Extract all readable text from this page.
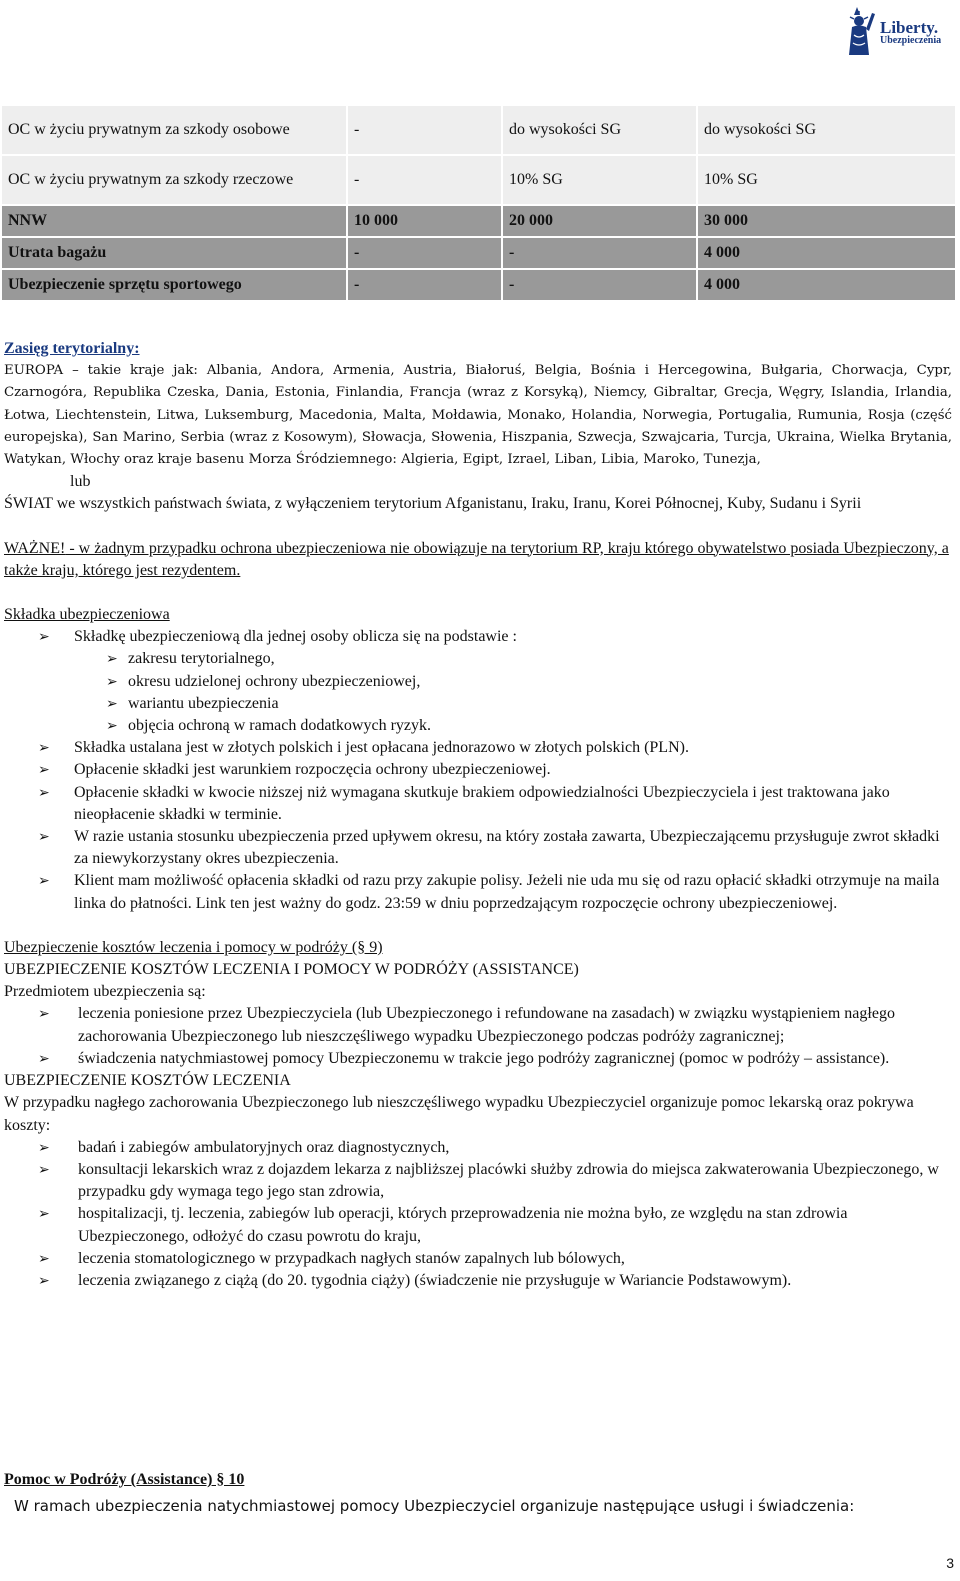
Liberty.
Ubezpieczenia
OC w życiu prywatnym za szkody osobowe	-	do wysokości SG	do wysokości SG
OC w życiu prywatnym za szkody rzeczowe	-	10% SG	10% SG
NNW	10 000	20 000	30 000
Utrata bagażu	-	-	4 000
Ubezpieczenie sprzętu sportowego	-	-	4 000
Zasięg terytorialny:

EUROPA – takie kraje jak: Albania, Andora, Armenia, Austria, Białoruś, Belgia, Bośnia i Hercegowina, Bułgaria, Chorwacja, Cypr, Czarnogóra, Republika Czeska, Dania, Estonia, Finlandia, Francja (wraz z Korsyką), Niemcy, Gibraltar, Grecja, Węgry, Islandia, Irlandia, Łotwa, Liechtenstein, Litwa, Luksemburg, Macedonia, Malta, Mołdawia, Monako, Holandia, Norwegia, Portugalia, Rumunia, Rosja (część europejska), San Marino, Serbia (wraz z Kosowym), Słowacja, Słowenia, Hiszpania, Szwecja, Szwajcaria, Turcja, Ukraina, Wielka Brytania, Watykan, Włochy oraz kraje basenu Morza Śródziemnego: Algieria, Egipt, Izrael, Liban, Libia, Maroko, Tunezja,

lub

ŚWIAT we wszystkich państwach świata, z wyłączeniem terytorium Afganistanu, Iraku, Iranu, Korei Północnej, Kuby, Sudanu i Syrii

WAŻNE! - w żadnym przypadku ochrona ubezpieczeniowa nie obowiązuje na terytorium RP, kraju którego obywatelstwo posiada Ubezpieczony, a także kraju, którego jest rezydentem.

Składka ubezpieczeniowa
➢ Składkę ubezpieczeniową dla jednej osoby oblicza się na podstawie :
➢ zakresu terytorialnego,
➢ okresu udzielonej ochrony ubezpieczeniowej,
➢ wariantu ubezpieczenia
➢ objęcia ochroną w ramach dodatkowych ryzyk.
➢ Składka ustalana jest w złotych polskich i jest opłacana jednorazowo w złotych polskich (PLN).
➢ Opłacenie składki jest warunkiem rozpoczęcia ochrony ubezpieczeniowej.
➢ Opłacenie składki w kwocie niższej niż wymagana skutkuje brakiem odpowiedzialności Ubezpieczyciela i jest traktowana jako nieopłacenie składki w terminie.
➢ W razie ustania stosunku ubezpieczenia przed upływem okresu, na który została zawarta, Ubezpieczającemu przysługuje zwrot składki za niewykorzystany okres ubezpieczenia.
➢ Klient mam możliwość opłacenia składki od razu przy zakupie polisy. Jeżeli nie uda mu się od razu opłacić składki otrzymuje na maila linka do płatności. Link ten jest ważny do godz. 23:59 w dniu poprzedzającym rozpoczęcie ochrony ubezpieczeniowej.
Ubezpieczenie kosztów leczenia i pomocy w podróży (§ 9)
UBEZPIECZENIE KOSZTÓW LECZENIA I POMOCY W PODRÓŻY (ASSISTANCE)
Przedmiotem ubezpieczenia są:
➢ leczenia poniesione przez Ubezpieczyciela (lub Ubezpieczonego i refundowane na zasadach) w związku wystąpieniem nagłego zachorowania Ubezpieczonego lub nieszczęśliwego wypadku Ubezpieczonego podczas podróży zagranicznej;
➢ świadczenia natychmiastowej pomocy Ubezpieczonemu w trakcie jego podróży zagranicznej (pomoc w podróży – assistance).
UBEZPIECZENIE KOSZTÓW LECZENIA
W przypadku nagłego zachorowania Ubezpieczonego lub nieszczęśliwego wypadku Ubezpieczyciel organizuje pomoc lekarską oraz pokrywa koszty:
➢ badań i zabiegów ambulatoryjnych oraz diagnostycznych,
➢ konsultacji lekarskich wraz z dojazdem lekarza z najbliższej placówki służby zdrowia do miejsca zakwaterowania Ubezpieczonego, w przypadku gdy wymaga tego jego stan zdrowia,
➢ hospitalizacji, tj. leczenia, zabiegów lub operacji, których przeprowadzenia nie można było, ze względu na stan zdrowia Ubezpieczonego, odłożyć do czasu powrotu do kraju,
➢ leczenia stomatologicznego w przypadkach nagłych stanów zapalnych lub bólowych,
➢ leczenia związanego z ciążą (do 20. tygodnia ciąży) (świadczenie nie przysługuje w Wariancie Podstawowym).
Pomoc w Podróży (Assistance) § 10
W ramach ubezpieczenia natychmiastowej pomocy Ubezpieczyciel organizuje następujące usługi i świadczenia:
3
